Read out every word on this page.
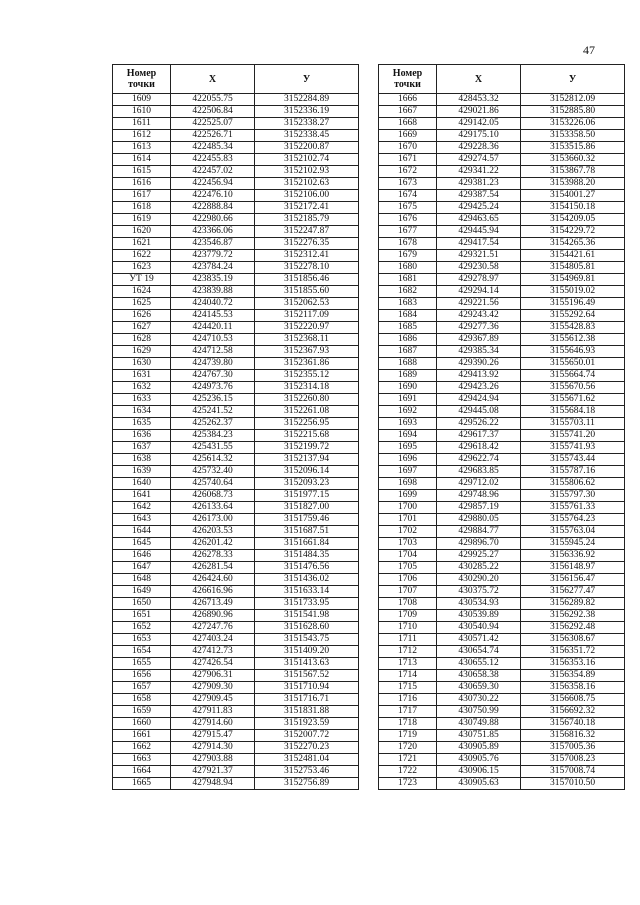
47
Номер точки	X	У
1609	422055.75	3152284.89
1610	422506.84	3152336.19
1611	422525.07	3152338.27
1612	422526.71	3152338.45
1613	422485.34	3152200.87
1614	422455.83	3152102.74
1615	422457.02	3152102.93
1616	422456.94	3152102.63
1617	422476.10	3152106.00
1618	422888.84	3152172.41
1619	422980.66	3152185.79
1620	423366.06	3152247.87
1621	423546.87	3152276.35
1622	423779.72	3152312.41
1623	423784.24	3152278.10
УТ 19	423835.19	3151856.46
1624	423839.88	3151855.60
1625	424040.72	3152062.53
1626	424145.53	3152117.09
1627	424420.11	3152220.97
1628	424710.53	3152368.11
1629	424712.58	3152367.93
1630	424739.80	3152361.86
1631	424767.30	3152355.12
1632	424973.76	3152314.18
1633	425236.15	3152260.80
1634	425241.52	3152261.08
1635	425262.37	3152256.95
1636	425384.23	3152215.68
1637	425431.55	3152199.72
1638	425614.32	3152137.94
1639	425732.40	3152096.14
1640	425740.64	3152093.23
1641	426068.73	3151977.15
1642	426133.64	3151827.00
1643	426173.00	3151759.46
1644	426203.53	3151687.51
1645	426201.42	3151661.84
1646	426278.33	3151484.35
1647	426281.54	3151476.56
1648	426424.60	3151436.02
1649	426616.96	3151633.14
1650	426713.49	3151733.95
1651	426890.96	3151541.98
1652	427247.76	3151628.60
1653	427403.24	3151543.75
1654	427412.73	3151409.20
1655	427426.54	3151413.63
1656	427906.31	3151567.52
1657	427909.30	3151710.94
1658	427909.45	3151716.71
1659	427911.83	3151831.88
1660	427914.60	3151923.59
1661	427915.47	3152007.72
1662	427914.30	3152270.23
1663	427903.88	3152481.04
1664	427921.37	3152753.46
1665	427948.94	3152756.89
Номер точки	X	У
1666	428453.32	3152812.09
1667	429021.86	3152885.80
1668	429142.05	3153226.06
1669	429175.10	3153358.50
1670	429228.36	3153515.86
1671	429274.57	3153660.32
1672	429341.22	3153867.78
1673	429381.23	3153988.20
1674	429387.54	3154001.27
1675	429425.24	3154150.18
1676	429463.65	3154209.05
1677	429445.94	3154229.72
1678	429417.54	3154265.36
1679	429321.51	3154421.61
1680	429230.58	3154805.81
1681	429278.97	3154969.81
1682	429294.14	3155019.02
1683	429221.56	3155196.49
1684	429243.42	3155292.64
1685	429277.36	3155428.83
1686	429367.89	3155612.38
1687	429385.34	3155646.93
1688	429390.26	3155650.01
1689	429413.92	3155664.74
1690	429423.26	3155670.56
1691	429424.94	3155671.62
1692	429445.08	3155684.18
1693	429526.22	3155703.11
1694	429617.37	3155741.20
1695	429618.42	3155741.93
1696	429622.74	3155743.44
1697	429683.85	3155787.16
1698	429712.02	3155806.62
1699	429748.96	3155797.30
1700	429857.19	3155761.33
1701	429880.05	3155764.23
1702	429884.77	3155763.04
1703	429896.70	3155945.24
1704	429925.27	3156336.92
1705	430285.22	3156148.97
1706	430290.20	3156156.47
1707	430375.72	3156277.47
1708	430534.93	3156289.82
1709	430539.89	3156292.38
1710	430540.94	3156292.48
1711	430571.42	3156308.67
1712	430654.74	3156351.72
1713	430655.12	3156353.16
1714	430658.38	3156354.89
1715	430659.30	3156358.16
1716	430730.22	3156608.75
1717	430750.99	3156692.32
1718	430749.88	3156740.18
1719	430751.85	3156816.32
1720	430905.89	3157005.36
1721	430905.76	3157008.23
1722	430906.15	3157008.74
1723	430905.63	3157010.50
